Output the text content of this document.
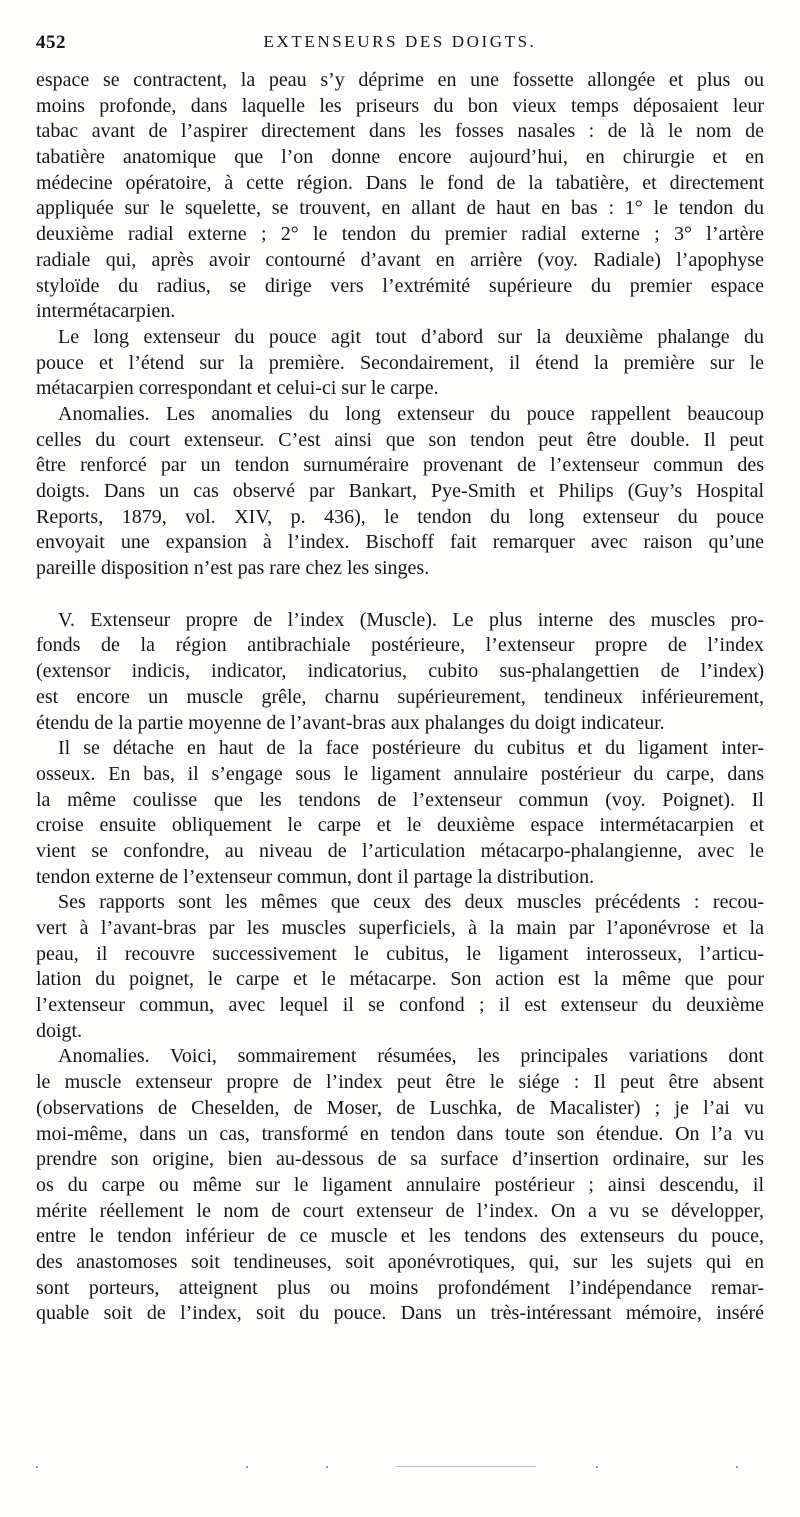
452	EXTENSEURS DES DOIGTS.
espace se contractent, la peau s’y déprime en une fossette allongée et plus ou
moins profonde, dans laquelle les priseurs du bon vieux temps déposaient leur
tabac avant de l’aspirer directement dans les fosses nasales : de là le nom de
tabatière anatomique que l’on donne encore aujourd’hui, en chirurgie et en
médecine opératoire, à cette région. Dans le fond de la tabatière, et directement
appliquée sur le squelette, se trouvent, en allant de haut en bas : 1° le tendon du
deuxième radial externe ; 2° le tendon du premier radial externe ; 3° l’artère
radiale qui, après avoir contourné d’avant en arrière (voy. Radiale) l’apophyse
styloïde du radius, se dirige vers l’extrémité supérieure du premier espace
intermétacarpien.
Le long extenseur du pouce agit tout d’abord sur la deuxième phalange du
pouce et l’étend sur la première. Secondairement, il étend la première sur le
métacarpien correspondant et celui-ci sur le carpe.
Anomalies. Les anomalies du long extenseur du pouce rappellent beaucoup
celles du court extenseur. C’est ainsi que son tendon peut être double. Il peut
être renforcé par un tendon surnuméraire provenant de l’extenseur commun des
doigts. Dans un cas observé par Bankart, Pye-Smith et Philips (Guy’s Hospital
Reports, 1879, vol. XIV, p. 436), le tendon du long extenseur du pouce
envoyait une expansion à l’index. Bischoff fait remarquer avec raison qu’une
pareille disposition n’est pas rare chez les singes.
V. Extenseur propre de l’index (Muscle). Le plus interne des muscles pro-
fonds de la région antibrachiale postérieure, l’extenseur propre de l’index
(extensor indicis, indicator, indicatorius, cubito sus-phalangettien de l’index)
est encore un muscle grêle, charnu supérieurement, tendineux inférieurement,
étendu de la partie moyenne de l’avant-bras aux phalanges du doigt indicateur.
Il se détache en haut de la face postérieure du cubitus et du ligament inter-
osseux. En bas, il s’engage sous le ligament annulaire postérieur du carpe, dans
la même coulisse que les tendons de l’extenseur commun (voy. Poignet). Il
croise ensuite obliquement le carpe et le deuxième espace intermétacarpien et
vient se confondre, au niveau de l’articulation métacarpo-phalangienne, avec le
tendon externe de l’extenseur commun, dont il partage la distribution.
Ses rapports sont les mêmes que ceux des deux muscles précédents : recou-
vert à l’avant-bras par les muscles superficiels, à la main par l’aponévrose et la
peau, il recouvre successivement le cubitus, le ligament interosseux, l’articu-
lation du poignet, le carpe et le métacarpe. Son action est la même que pour
l’extenseur commun, avec lequel il se confond ; il est extenseur du deuxième
doigt.
Anomalies. Voici, sommairement résumées, les principales variations dont
le muscle extenseur propre de l’index peut être le siége : Il peut être absent
(observations de Cheselden, de Moser, de Luschka, de Macalister) ; je l’ai vu
moi-même, dans un cas, transformé en tendon dans toute son étendue. On l’a vu
prendre son origine, bien au-dessous de sa surface d’insertion ordinaire, sur les
os du carpe ou même sur le ligament annulaire postérieur ; ainsi descendu, il
mérite réellement le nom de court extenseur de l’index. On a vu se développer,
entre le tendon inférieur de ce muscle et les tendons des extenseurs du pouce,
des anastomoses soit tendineuses, soit aponévrotiques, qui, sur les sujets qui en
sont porteurs, atteignent plus ou moins profondément l’indépendance remar-
quable soit de l’index, soit du pouce. Dans un très-intéressant mémoire, inséré
